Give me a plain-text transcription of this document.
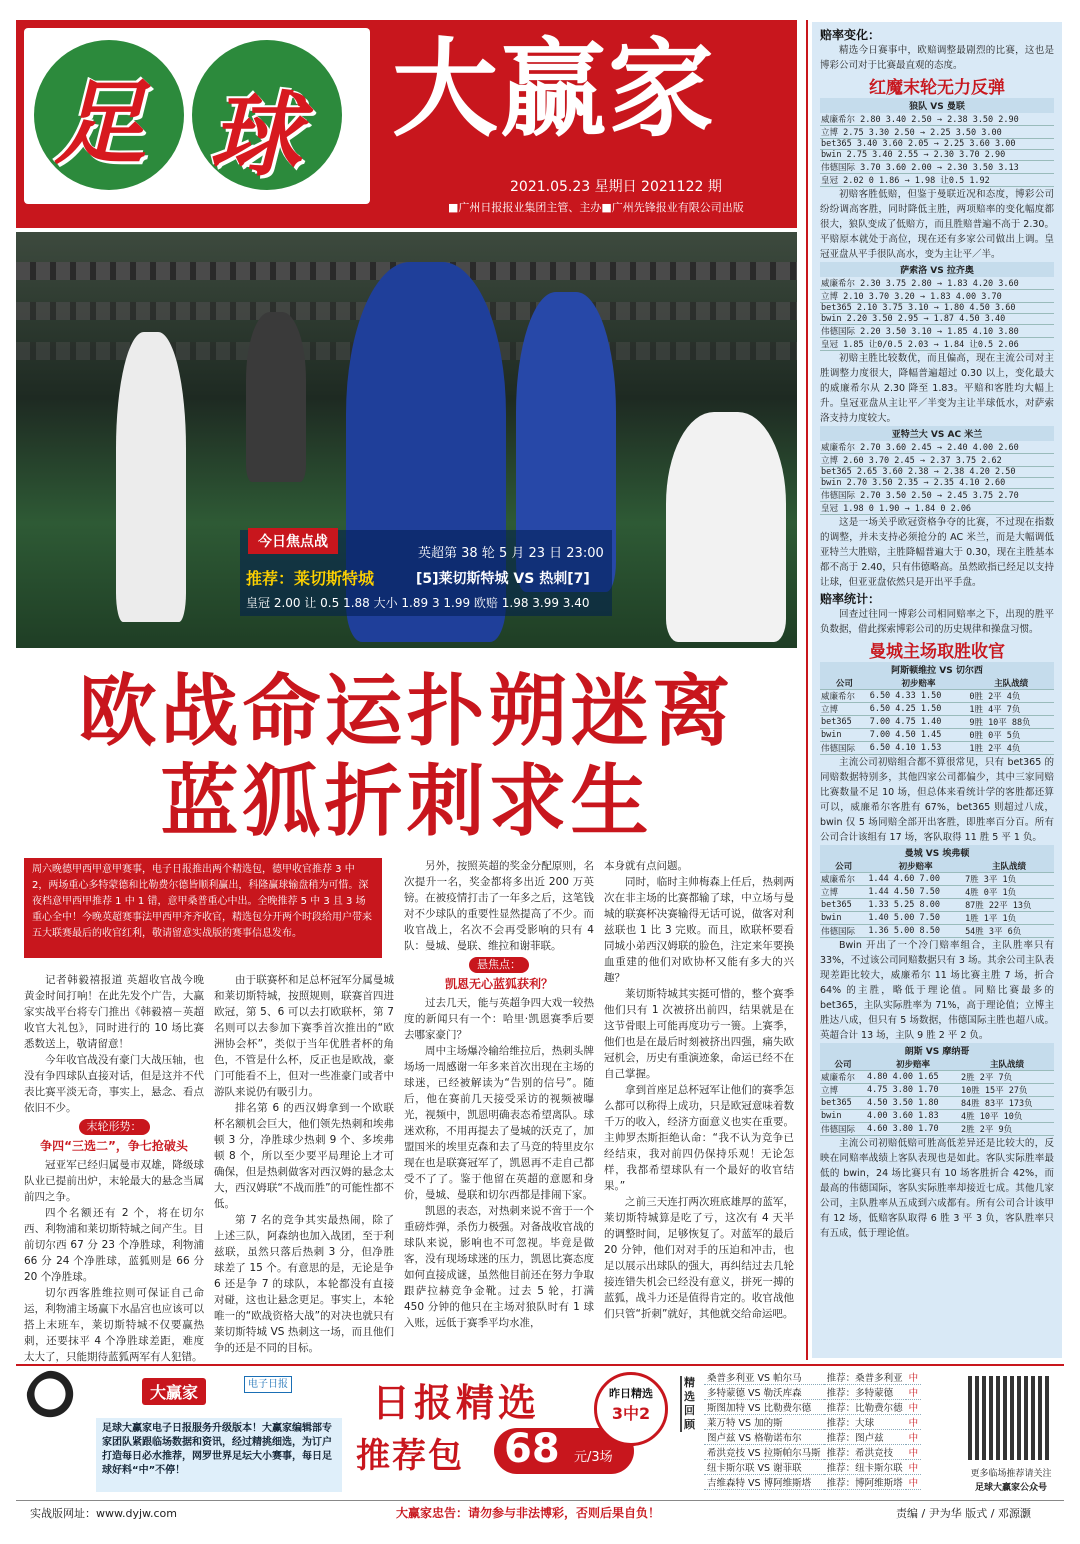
足 球 大赢家
2021.05.23 星期日 2021122 期
■广州日报报业集团主管、主办■广州先锋报业有限公司出版
今日焦点战
英超第 38 轮 5 月 23 日 23:00
推荐：莱切斯特城	[5]莱切斯特城 VS 热刺[7]
皇冠 2.00 让 0.5 1.88 大小 1.89 3 1.99 欧赔 1.98 3.99 3.40
欧战命运扑朔迷离
蓝狐折刺求生
周六晚德甲西甲意甲赛事，电子日报推出两个精选包，德甲收官推荐 3 中 2，两场重心多特蒙德和比勒费尔德皆顺利赢出，科隆赢球输盘稍为可惜。深夜档意甲西甲推荐 1 中 1 错，意甲桑普重心中出。全晚推荐 5 中 3 且 3 场重心全中！今晚英超赛事法甲西甲齐齐收官，精选包分开两个时段给用户带来五大联赛最后的收官红利，敬请留意实战版的赛事信息发布。

记者韩毅禧报道 英超收官战今晚黄金时间打响！在此先发个广告，大赢家实战平台将专门推出《韩毅禧－英超收官大礼包》，同时进行的 10 场比赛悉数送上，敬请留意！

今年收官战没有豪门大战压轴，也没有争四球队直接对话，但是这并不代表比赛平淡无奇，事实上，悬念、看点依旧不少。

末轮形势：
争四“三选二”，争七抢破头

冠亚军已经归属曼市双雄，降级球队业已提前出炉，末轮最大的悬念当属前四之争。

四个名额还有 2 个，将在切尔西、利物浦和莱切斯特城之间产生。目前切尔西 67 分 23 个净胜球，利物浦 66 分 24 个净胜球，蓝狐则是 66 分 20 个净胜球。

切尔西客胜维拉则可保证自己命运，利物浦主场赢下水晶宫也应该可以搭上末班车，莱切斯特城不仅要赢热刺，还要抹平 4 个净胜球差距，难度太大了，只能期待蓝狐两军有人犯错。

由于联赛杯和足总杯冠军分属曼城和莱切斯特城，按照规则，联赛首四进欧冠，第 5、6 可以去打欧联杯，第 7 名则可以去参加下赛季首次推出的“欧洲协会杯”，类似于当年优胜者杯的角色，不管是什么杯，反正也是欧战，豪门可能看不上，但对一些准豪门或者中游队来说仍有吸引力。

排名第 6 的西汉姆拿到一个欧联杯名额机会巨大，他们领先热刺和埃弗顿 3 分，净胜球少热刺 9 个、多埃弗顿 8 个，所以至少要平局理论上才可确保，但是热刺做客对西汉姆的悬念太大，西汉姆联“不战而胜”的可能性都不低。

第 7 名的竞争其实最热闹，除了上述三队，阿森纳也加入战团，至于利兹联，虽然只落后热刺 3 分，但净胜球差了 15 个。有意思的是，无论是争 6 还是争 7 的球队，本轮都没有直接对碰，这也让悬念更足。事实上，本轮唯一的“欧战资格大战”的对决也就只有莱切斯特城 VS 热刺这一场，而且他们争的还是不同的目标。

另外，按照英超的奖金分配原则，名次提升一名，奖金都将多出近 200 万英镑。在被疫情打击了一年多之后，这笔钱对不少球队的重要性显然提高了不少。而收官战上，名次不会再受影响的只有 4 队：曼城、曼联、维拉和谢菲联。

悬焦点：
凯恩无心蓝狐获利？

过去几天，能与英超争四大戏一较热度的新闻只有一个：哈里·凯恩赛季后要去哪家豪门？

周中主场爆冷输给维拉后，热刺头牌场场一周感谢一年多来首次出现在主场的球迷，已经被解读为“告别的信号”。随后，他在赛前几天接受采访的视频被曝光，视频中，凯恩明确表态希望离队。球迷欢称，不用再提去了曼城的沃克了，加盟国米的埃里克森和去了马竞的特里皮尔现在也是联赛冠军了，凯恩再不走自己都受不了了。鉴于他留在英超的意愿和身价，曼城、曼联和切尔西都是排闹下家。

凯恩的表态，对热刺来说不啻于一个重磅炸弹，杀伤力极强。对备战收官战的球队来说，影响也不可忽视。毕竟是做客，没有现场球迷的压力，凯恩比赛态度如何直接成谜，虽然他目前还在努力争取跟萨拉赫竞争金靴。过去 5 轮，打满 450 分钟的他只在主场对狼队时有 1 球入账，远低于赛季平均水准，

本身就有点问题。

同时，临时主帅梅森上任后，热刺两次在非主场的比赛都输了球，中立场与曼城的联赛杯决赛输得无话可说，做客对利兹联也 1 比 3 完败。而且，欧联杯要看同城小弟西汉姆联的脸色，注定来年要换血重建的他们对欧协杯又能有多大的兴趣？

莱切斯特城其实挺可惜的，整个赛季他们只有 1 次被挤出前四，结果就是在这节骨眼上可能再度功亏一篑。上赛季，他们也是在最后时刻被挤出四强，痛失欧冠机会，历史有重演迹象，命运已经不在自己掌握。

拿到首座足总杯冠军让他们的赛季怎么都可以称得上成功，只是欧冠意味着数千万的收入，经济方面意义也实在重要。主帅罗杰斯拒绝认命：“我不认为竞争已经结束，我对前四仍保持乐观！无论怎样，我都希望球队有一个最好的收官结果。”

之前三天连打两次班底雄厚的蓝军，莱切斯特城算是吃了亏，这次有 4 天半的调整时间，足够恢复了。对蓝军的最后 20 分钟，他们对对手的压迫和冲击，也足以展示出球队的强大，再纠结过去几轮接连错失机会已经没有意义，拼死一搏的蓝狐，战斗力还是值得肯定的。收官战他们只管“折刺”就好，其他就交给命运吧。

赔率变化：
精选今日赛事中，欧赔调整最剧烈的比赛，这也是博彩公司对于比赛最直观的态度。
红魔末轮无力反弹
狼队 VS 曼联
威廉希尔 2.80 3.40 2.50 → 2.38 3.50 2.90
立博 2.75 3.30 2.50 → 2.25 3.50 3.00
bet365 3.40 3.60 2.05 → 2.25 3.60 3.00
bwin 2.75 3.40 2.55 → 2.30 3.70 2.90
伟德国际 3.70 3.60 2.00 → 2.30 3.50 3.13
皇冠 2.02 0 1.86 → 1.98 让0.5 1.92
初赔客胜低赔，但鉴于曼联近况和态度，博彩公司纷纷调高客胜，同时降低主胜，两项赔率的变化幅度都很大，狼队变成了低赔方，而且胜赔普遍不高于 2.30。平赔原本就处于高位，现在还有多家公司做出上调。皇冠亚盘从平手很队高水，变为主让平／半。
萨索洛 VS 拉齐奥
威廉希尔 2.30 3.75 2.80 → 1.83 4.20 3.60
立博 2.10 3.70 3.20 → 1.83 4.00 3.70
bet365 2.10 3.75 3.10 → 1.80 4.50 3.60
bwin 2.20 3.50 2.95 → 1.87 4.50 3.40
伟德国际 2.20 3.50 3.10 → 1.85 4.10 3.80
皇冠 1.85 让0/0.5 2.03 → 1.84 让0.5 2.06
初赔主胜比较数优，而且偏高，现在主流公司对主胜调整力度很大，降幅普遍超过 0.30 以上，变化最大的威廉希尔从 2.30 降至 1.83。平赔和客胜均大幅上升。皇冠亚盘从主让平／半变为主让半球低水，对萨索洛支持力度较大。
亚特兰大 VS AC 米兰
威廉希尔 2.70 3.60 2.45 → 2.40 4.00 2.60
立博 2.60 3.70 2.45 → 2.37 3.75 2.62
bet365 2.65 3.60 2.38 → 2.38 4.20 2.50
bwin 2.70 3.50 2.35 → 2.35 4.10 2.60
伟德国际 2.70 3.50 2.50 → 2.45 3.75 2.70
皇冠 1.98 0 1.90 → 1.84 0 2.06
这是一场关乎欧冠资格争夺的比赛，不过现在指数的调整，并未支持必须抢分的 AC 米兰，而是大幅调低亚特兰大胜赔，主胜降幅普遍大于 0.30，现在主胜基本都不高于 2.40，只有伟德略高。虽然欧指已经足以支持让球，但亚亚盘依然只是开出平手盘。
赔率统计：
回查过往同一博彩公司相同赔率之下，出现的胜平负数据，借此探索博彩公司的历史规律和操盘习惯。
曼城主场取胜收官
阿斯顿维拉 VS 切尔西
公司	初步赔率	主队战绩
威廉希尔	6.50 4.33 1.50	0胜 2平 4负
立博	6.50 4.25 1.50	1胜 4平 7负
bet365	7.00 4.75 1.40	9胜 10平 88负
bwin	7.00 4.50 1.45	0胜 0平 5负
伟德国际	6.50 4.10 1.53	1胜 2平 4负
主流公司初赔组合都不算很常见，只有 bet365 的同赔数据特别多，其他四家公司都偏少，其中三家同赔比赛数量不足 10 场，但总体来看统计学的客胜都还算可以，威廉希尔客胜有 67%，bet365 则超过八成，bwin 仅 5 场同赔全部开出客胜，即胜率百分百。所有公司合计该组有 17 场，客队取得 11 胜 5 平 1 负。
曼城 VS 埃弗顿
公司	初步赔率	主队战绩
威廉希尔	1.44 4.60 7.00	7胜 3平 1负
立博	1.44 4.50 7.50	4胜 0平 1负
bet365	1.33 5.25 8.00	87胜 22平 13负
bwin	1.40 5.00 7.50	1胜 1平 1负
伟德国际	1.36 5.00 8.50	54胜 3平 6负
Bwin 开出了一个冷门赔率组合，主队胜率只有 33%，不过该公司同赔数据只有 3 场。其余公司主队表现差距比较大，威廉希尔 11 场比赛主胜 7 场，折合 64% 的主胜，略低于理论值。同赔比赛最多的 bet365，主队实际胜率为 71%，高于理论值；立博主胜达八成，但只有 5 场数据，伟德国际主胜也超八成。英超合计 13 场，主队 9 胜 2 平 2 负。
朗斯 VS 摩纳哥
公司	初步赔率	主队战绩
威廉希尔	4.80 4.00 1.65	2胜 2平 7负
立博	4.75 3.80 1.70	10胜 15平 27负
bet365	4.50 3.50 1.80	84胜 83平 173负
bwin	4.00 3.60 1.83	4胜 10平 10负
伟德国际	4.60 3.80 1.70	2胜 2平 9负
主流公司初赔低赔可胜高低差异还是比较大的，反映在同赔率战绩上客队表现也是如此。客队实际胜率最低的 bwin，24 场比赛只有 10 场客胜折合 42%，而最高的伟德国际，客队实际胜率却接近七成。其他几家公司，主队胜率从五成到六成都有。所有公司合计该甲有 12 场，低赔客队取得 6 胜 3 平 3 负，客队胜率只有五成，低于理论值。
大赢家	电子日报
足球大赢家电子日报服务升级版本！大赢家编辑部专家团队紧跟临场数据和资讯，经过精挑细选，为订户打造每日必水推荐，网罗世界足坛大小赛事，每日足球好料“中”不停！
日报精选
推荐包 68 元/3场
昨日精选
3中2
精选回顾
桑普多利亚 VS 帕尔马	推荐：桑普多利亚	中
多特蒙德 VS 勒沃库森	推荐：多特蒙德	中
斯图加特 VS 比勒费尔德	推荐：比勒费尔德	中
莱万特 VS 加的斯	推荐：大球	中
图卢兹 VS 格勒诺布尔	推荐：图卢兹	中
希洪竞技 VS 拉斯帕尔马斯	推荐：希洪竞技	中
纽卡斯尔联 VS 谢菲联	推荐：纽卡斯尔联	中
吉维森特 VS 博阿维斯塔	推荐：博阿维斯塔	中
更多临场推荐请关注
足球大赢家公众号
实战版网址：www.dyjw.com	大赢家忠告：请勿参与非法博彩，否则后果自负！	责编 / 尹为华 版式 / 邓源灏
